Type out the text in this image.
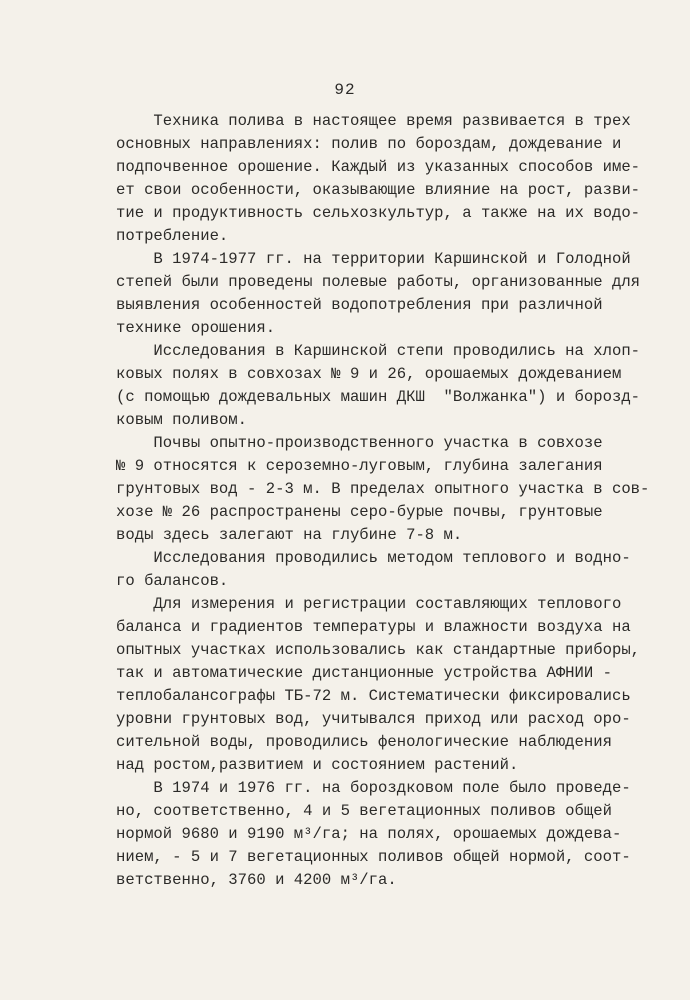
92
Техника полива в настоящее время развивается в трех
основных направлениях: полив по бороздам, дождевание и
подпочвенное орошение. Каждый из указанных способов име-
ет свои особенности, оказывающие влияние на рост, разви-
тие и продуктивность сельхозкультур, а также на их водо-
потребление.
В 1974-1977 гг. на территории Каршинской и Голодной
степей были проведены полевые работы, организованные для
выявления особенностей водопотребления при различной
технике орошения.
Исследования в Каршинской степи проводились на хлоп-
ковых полях в совхозах № 9 и 26, орошаемых дождеванием
(с помощью дождевальных машин ДКШ  "Волжанка") и борозд-
ковым поливом.
Почвы опытно-производственного участка в совхозе
№ 9 относятся к сероземно-луговым, глубина залегания
грунтовых вод - 2-3 м. В пределах опытного участка в сов-
хозе № 26 распространены серо-бурые почвы, грунтовые
воды здесь залегают на глубине 7-8 м.
Исследования проводились методом теплового и водно-
го балансов.
Для измерения и регистрации составляющих теплового
баланса и градиентов температуры и влажности воздуха на
опытных участках использовались как стандартные приборы,
так и автоматические дистанционные устройства АФНИИ -
теплобалансографы ТБ-72 м. Систематически фиксировались
уровни грунтовых вод, учитывался приход или расход оро-
сительной воды, проводились фенологические наблюдения
над ростом,развитием и состоянием растений.
В 1974 и 1976 гг. на бороздковом поле было проведе-
но, соответственно, 4 и 5 вегетационных поливов общей
нормой 9680 и 9190 м³/га; на полях, орошаемых дождева-
нием, - 5 и 7 вегетационных поливов общей нормой, соот-
ветственно, 3760 и 4200 м³/га.
